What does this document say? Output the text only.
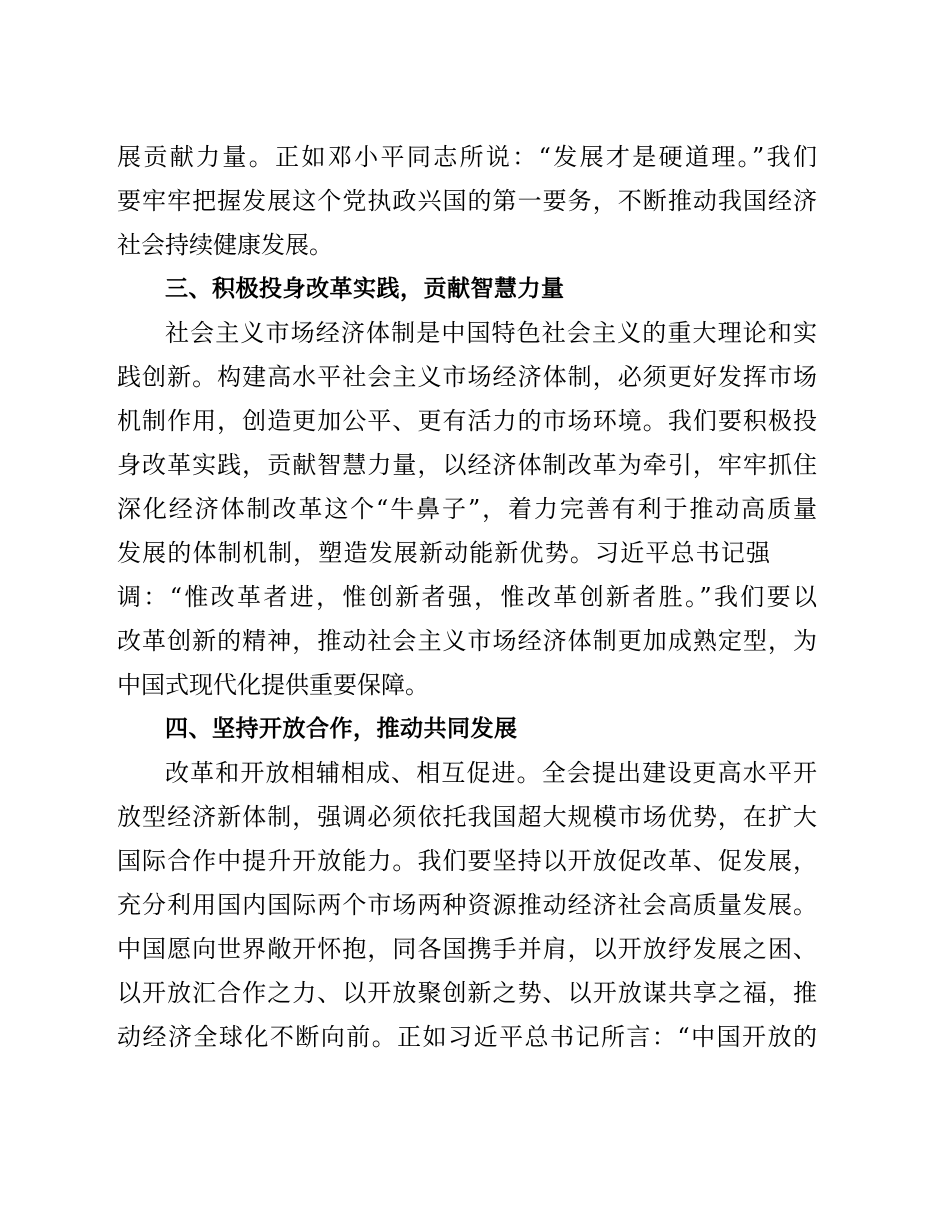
展贡献力量。正如邓小平同志所说：“发展才是硬道理。”我们
要牢牢把握发展这个党执政兴国的第一要务，不断推动我国经济
社会持续健康发展。
三、积极投身改革实践，贡献智慧力量
社会主义市场经济体制是中国特色社会主义的重大理论和实
践创新。构建高水平社会主义市场经济体制，必须更好发挥市场
机制作用，创造更加公平、更有活力的市场环境。我们要积极投
身改革实践，贡献智慧力量，以经济体制改革为牵引，牢牢抓住
深化经济体制改革这个“牛鼻子”，着力完善有利于推动高质量
发展的体制机制，塑造发展新动能新优势。习近平总书记强
调：“惟改革者进，惟创新者强，惟改革创新者胜。”我们要以
改革创新的精神，推动社会主义市场经济体制更加成熟定型，为
中国式现代化提供重要保障。
四、坚持开放合作，推动共同发展
改革和开放相辅相成、相互促进。全会提出建设更高水平开
放型经济新体制，强调必须依托我国超大规模市场优势，在扩大
国际合作中提升开放能力。我们要坚持以开放促改革、促发展，
充分利用国内国际两个市场两种资源推动经济社会高质量发展。
中国愿向世界敞开怀抱，同各国携手并肩，以开放纾发展之困、
以开放汇合作之力、以开放聚创新之势、以开放谋共享之福，推
动经济全球化不断向前。正如习近平总书记所言：“中国开放的
